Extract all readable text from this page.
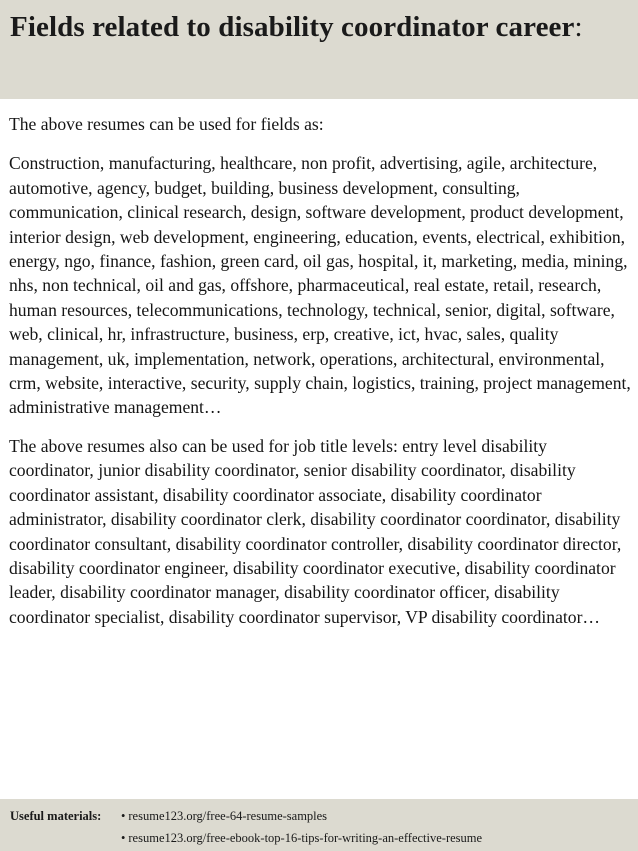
Fields related to disability coordinator career:

The above resumes can be used for fields as:

Construction, manufacturing, healthcare, non profit, advertising, agile, architecture, automotive, agency, budget, building, business development, consulting, communication, clinical research, design, software development, product development, interior design, web development, engineering, education, events, electrical, exhibition, energy, ngo, finance, fashion, green card, oil gas, hospital, it, marketing, media, mining, nhs, non technical, oil and gas, offshore, pharmaceutical, real estate, retail, research, human resources, telecommunications, technology, technical, senior, digital, software, web, clinical, hr, infrastructure, business, erp, creative, ict, hvac, sales, quality management, uk, implementation, network, operations, architectural, environmental, crm, website, interactive, security, supply chain, logistics, training, project management, administrative management…

The above resumes also can be used for job title levels: entry level disability coordinator, junior disability coordinator, senior disability coordinator, disability coordinator assistant, disability coordinator associate, disability coordinator administrator, disability coordinator clerk, disability coordinator coordinator, disability coordinator consultant, disability coordinator controller, disability coordinator director, disability coordinator engineer, disability coordinator executive, disability coordinator leader, disability coordinator manager, disability coordinator officer, disability coordinator specialist, disability coordinator supervisor, VP disability coordinator…

Useful materials:	• resume123.org/free-64-resume-samples
• resume123.org/free-ebook-top-16-tips-for-writing-an-effective-resume
